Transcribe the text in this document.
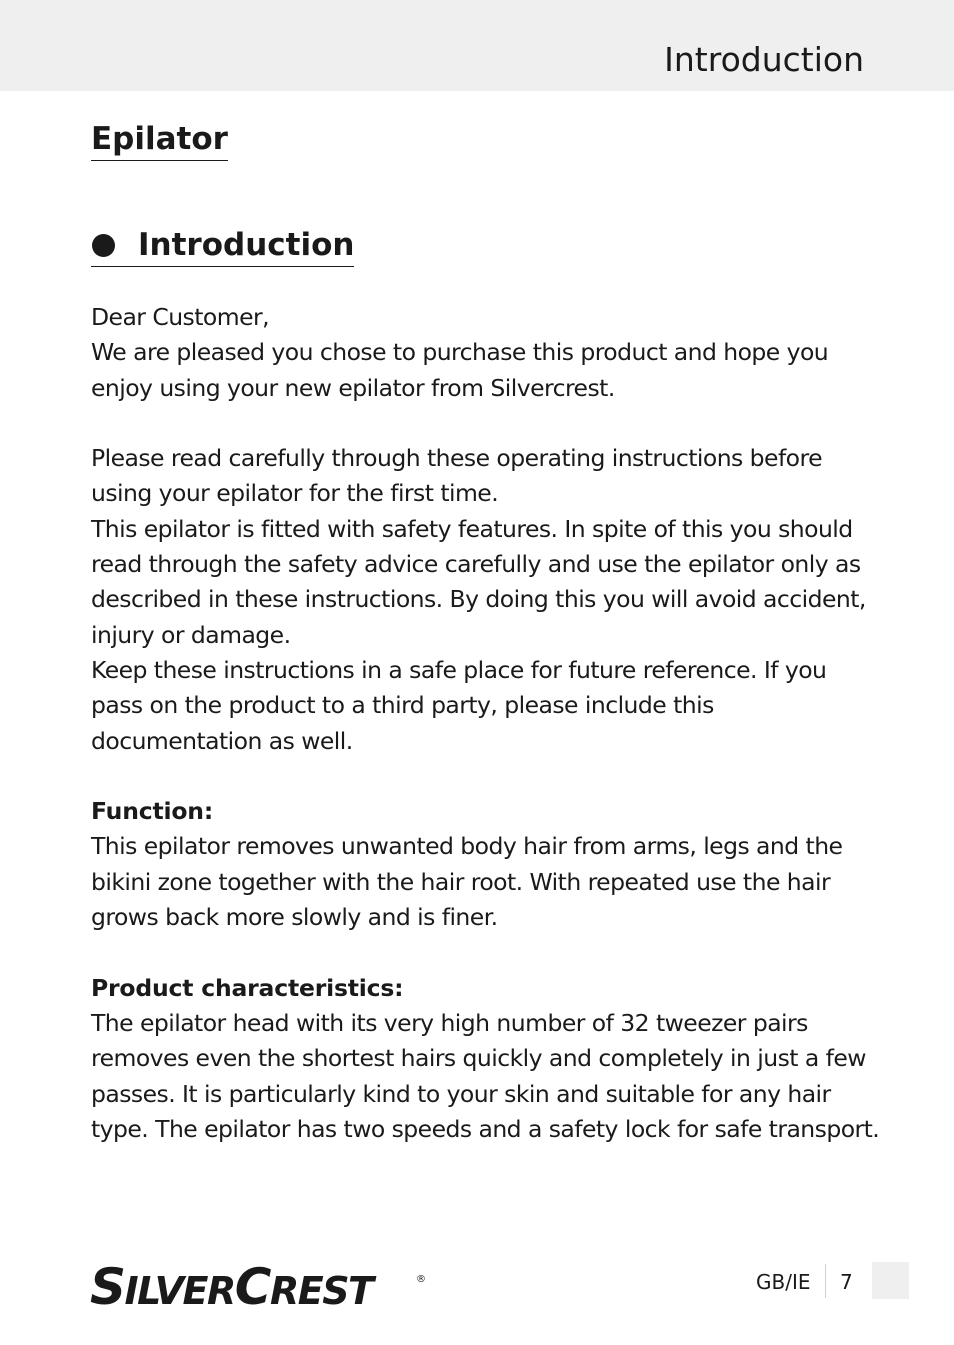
Introduction
Epilator
Introduction

Dear Customer,

We are pleased you chose to purchase this product and hope you enjoy using your new epilator from Silvercrest.

Please read carefully through these operating instructions before using your epilator for the first time.

This epilator is fitted with safety features. In spite of this you should read through the safety advice carefully and use the epilator only as described in these instructions. By doing this you will avoid accident, injury or damage.

Keep these instructions in a safe place for future reference. If you pass on the product to a third party, please include this documentation as well.

Function:

This epilator removes unwanted body hair from arms, legs and the bikini zone together with the hair root. With repeated use the hair grows back more slowly and is finer.

Product characteristics:

The epilator head with its very high number of 32 tweezer pairs removes even the shortest hairs quickly and completely in just a few passes. It is particularly kind to your skin and suitable for any hair type. The epilator has two speeds and a safety lock for safe transport.

SILVERCREST	®	GB/IE 7
